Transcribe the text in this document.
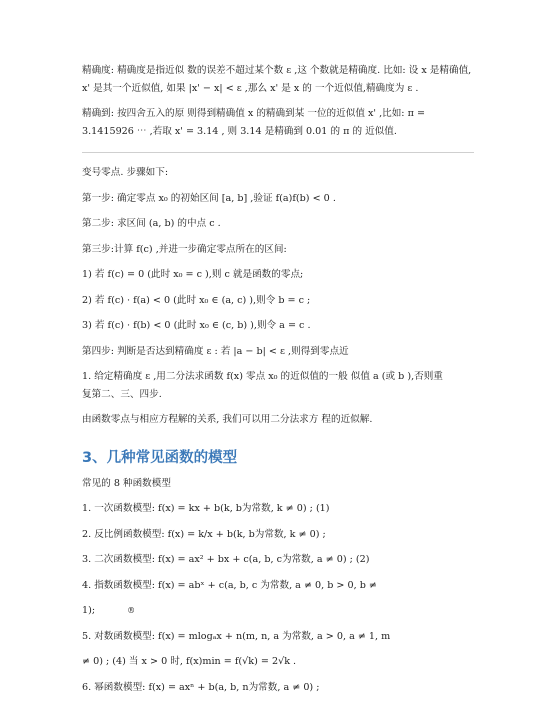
精确度: 精确度是指近似 数的误差不超过某个数 ε ,这 个数就是精确度. 比如: 设 x 是精确值, x' 是其一个近似值, 如果 |x' − x| < ε ,那么 x' 是 x 的 一个近似值,精确度为 ε .

精确到: 按四舍五入的原 则得到精确值 x 的精确到某 一位的近似值 x' ,比如: π =

3.1415926 ⋯ ,若取 x' = 3.14 , 则 3.14 是精确到 0.01 的 π 的 近似值.

变号零点. 步骤如下:

第一步: 确定零点 x₀ 的初始区间 [a, b] ,验证 f(a)f(b) < 0 .

第二步: 求区间 (a, b) 的中点 c .

第三步:计算 f(c) ,并进一步确定零点所在的区间:

1) 若 f(c) = 0 (此时 x₀ = c ),则 c 就是函数的零点;

2) 若 f(c) · f(a) < 0 (此时 x₀ ∈ (a, c) ),则令 b = c ;

3) 若 f(c) · f(b) < 0 (此时 x₀ ∈ (c, b) ),则令 a = c .

第四步: 判断是否达到精确度 ε : 若 |a − b| < ε ,则得到零点近

1. 给定精确度 ε ,用二分法求函数 f(x) 零点 x₀ 的近似值的一般 似值 a (或 b ),否则重

复第二、三、四步.

由函数零点与相应方程解的关系, 我们可以用二分法求方 程的近似解.

3、几种常见函数的模型

常见的 8 种函数模型

1. 一次函数模型: f(x) = kx + b(k, b为常数, k ≠ 0) ; (1)

2. 反比例函数模型: f(x) = k/x + b(k, b为常数, k ≠ 0) ;

3. 二次函数模型: f(x) = ax² + bx + c(a, b, c为常数, a ≠ 0) ; (2)

4. 指数函数模型: f(x) = abˣ + c(a, b, c 为常数, a ≠ 0, b > 0, b ≠

1);	®

5. 对数函数模型: f(x) = mlogₐx + n(m, n, a 为常数, a > 0, a ≠ 1, m

≠ 0) ; (4) 当 x > 0 时, f(x)min = f(√k) = 2√k .

6. 幂函数模型: f(x) = axⁿ + b(a, b, n为常数, a ≠ 0) ;
